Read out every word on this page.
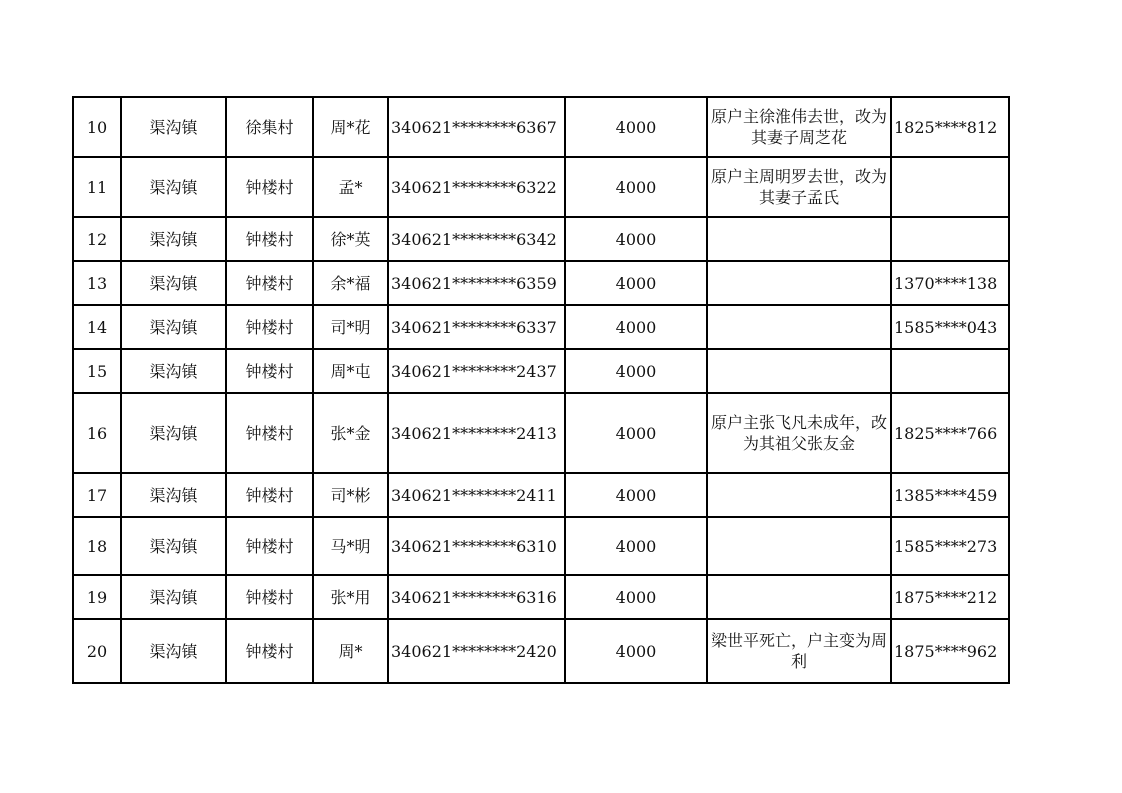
10	渠沟镇	徐集村	周*花	340621********6367	4000	原户主徐淮伟去世，改为其妻子周芝花	1825****812
11	渠沟镇	钟楼村	孟*	340621********6322	4000	原户主周明罗去世，改为其妻子孟氏	
12	渠沟镇	钟楼村	徐*英	340621********6342	4000		
13	渠沟镇	钟楼村	余*福	340621********6359	4000		1370****138
14	渠沟镇	钟楼村	司*明	340621********6337	4000		1585****043
15	渠沟镇	钟楼村	周*屯	340621********2437	4000		
16	渠沟镇	钟楼村	张*金	340621********2413	4000	原户主张飞凡未成年，改为其祖父张友金	1825****766
17	渠沟镇	钟楼村	司*彬	340621********2411	4000		1385****459
18	渠沟镇	钟楼村	马*明	340621********6310	4000		1585****273
19	渠沟镇	钟楼村	张*用	340621********6316	4000		1875****212
20	渠沟镇	钟楼村	周*	340621********2420	4000	梁世平死亡，户主变为周利	1875****962
